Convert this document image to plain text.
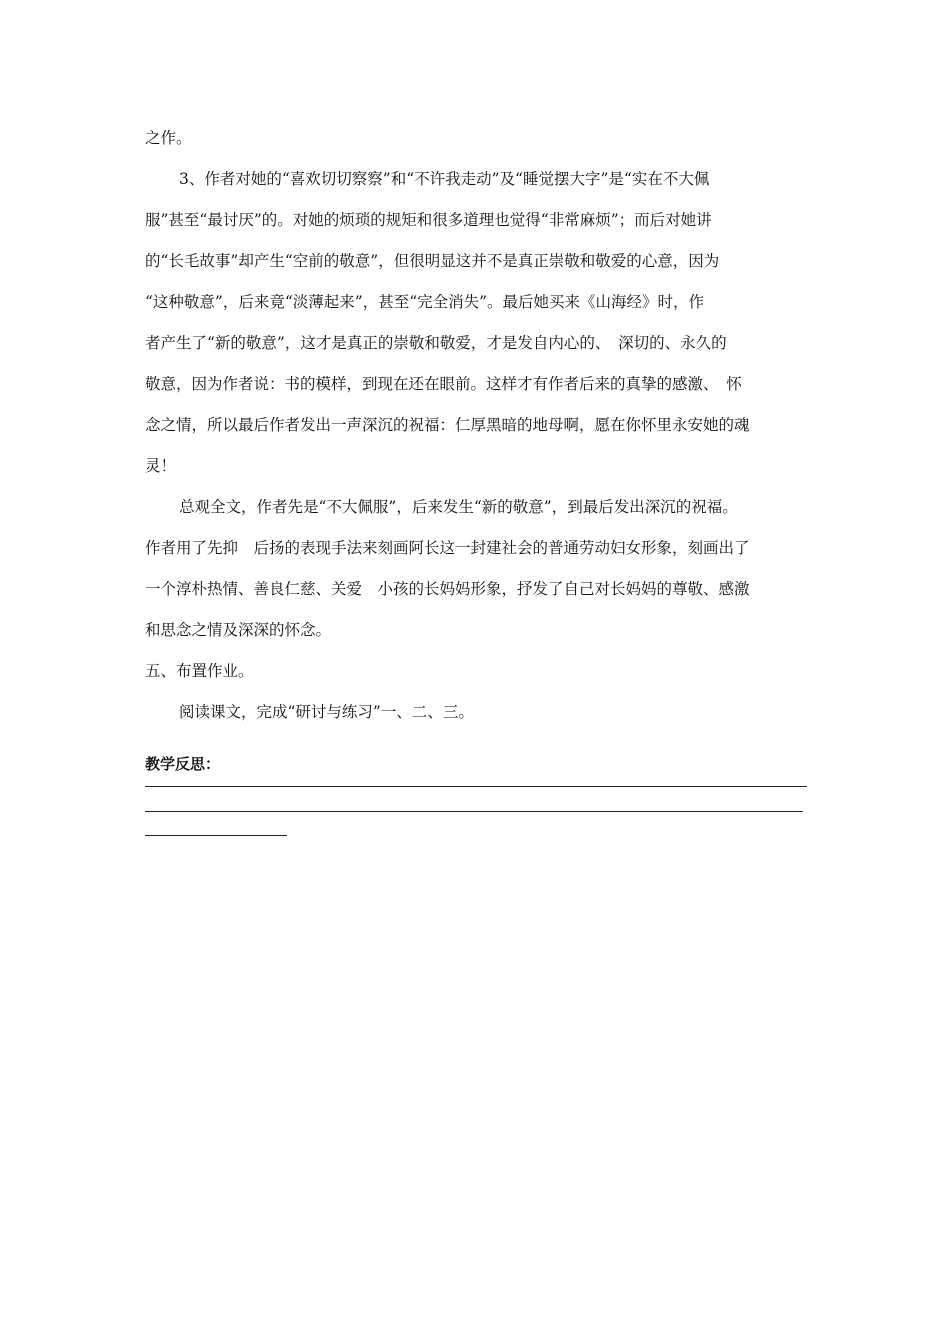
之作。
3、作者对她的“喜欢切切察察”和“不许我走动”及“睡觉摆大字”是“实在不大佩
服”甚至“最讨厌”的。对她的烦琐的规矩和很多道理也觉得“非常麻烦”；而后对她讲
的“长毛故事”却产生“空前的敬意”，但很明显这并不是真正崇敬和敬爱的心意，因为
“这种敬意”，后来竟“淡薄起来”，甚至“完全消失”。最后她买来《山海经》时，作
者产生了“新的敬意”，这才是真正的崇敬和敬爱，才是发自内心的、　深切的、永久的
敬意，因为作者说：书的模样，到现在还在眼前。这样才有作者后来的真挚的感激、　怀
念之情，所以最后作者发出一声深沉的祝福：仁厚黑暗的地母啊，愿在你怀里永安她的魂
灵！
总观全文，作者先是“不大佩服”，后来发生“新的敬意”，到最后发出深沉的祝福。
作者用了先抑　后扬的表现手法来刻画阿长这一封建社会的普通劳动妇女形象，刻画出了
一个淳朴热情、善良仁慈、关爱　小孩的长妈妈形象，抒发了自己对长妈妈的尊敬、感激
和思念之情及深深的怀念。
五、布置作业。
阅读课文，完成“研讨与练习”一、二、三。
教学反思：
